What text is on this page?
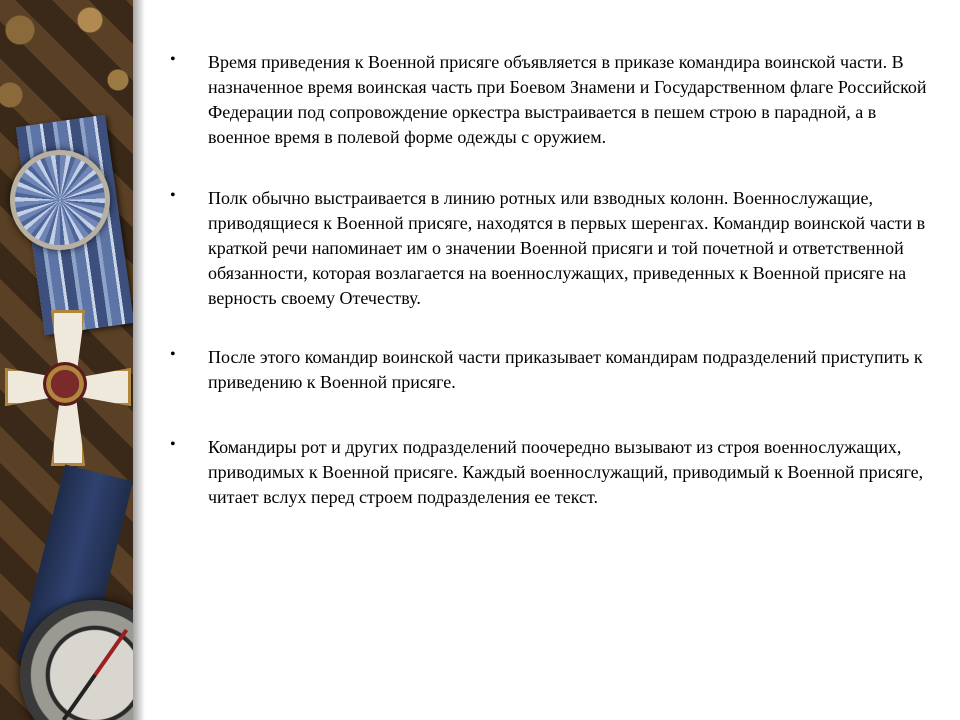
• Время приведения к Военной присяге объявляется в приказе командира воинской части. В назначенное время воинская часть при Боевом Знамени и Государственном флаге Российской Федерации под сопровождение оркестра выстраивается в пешем строю в парадной, а в военное время в полевой форме одежды с оружием.
• Полк обычно выстраивается в линию ротных или взводных колонн. Военнослужащие, приводящиеся к Военной присяге, находятся в первых шеренгах. Командир воинской части в краткой речи напоминает им о значении Военной присяги и той почетной и ответственной обязанности, которая возлагается на военнослужащих, приведенных к Военной присяге на верность своему Отечеству.
• После этого командир воинской части приказывает командирам подразделений приступить к приведению к Военной присяге.
• Командиры рот и других подразделений поочередно вызывают из строя военнослужащих, приводимых к Военной присяге. Каждый военнослужащий, приводимый к Военной присяге, читает вслух перед строем подразделения ее текст.
